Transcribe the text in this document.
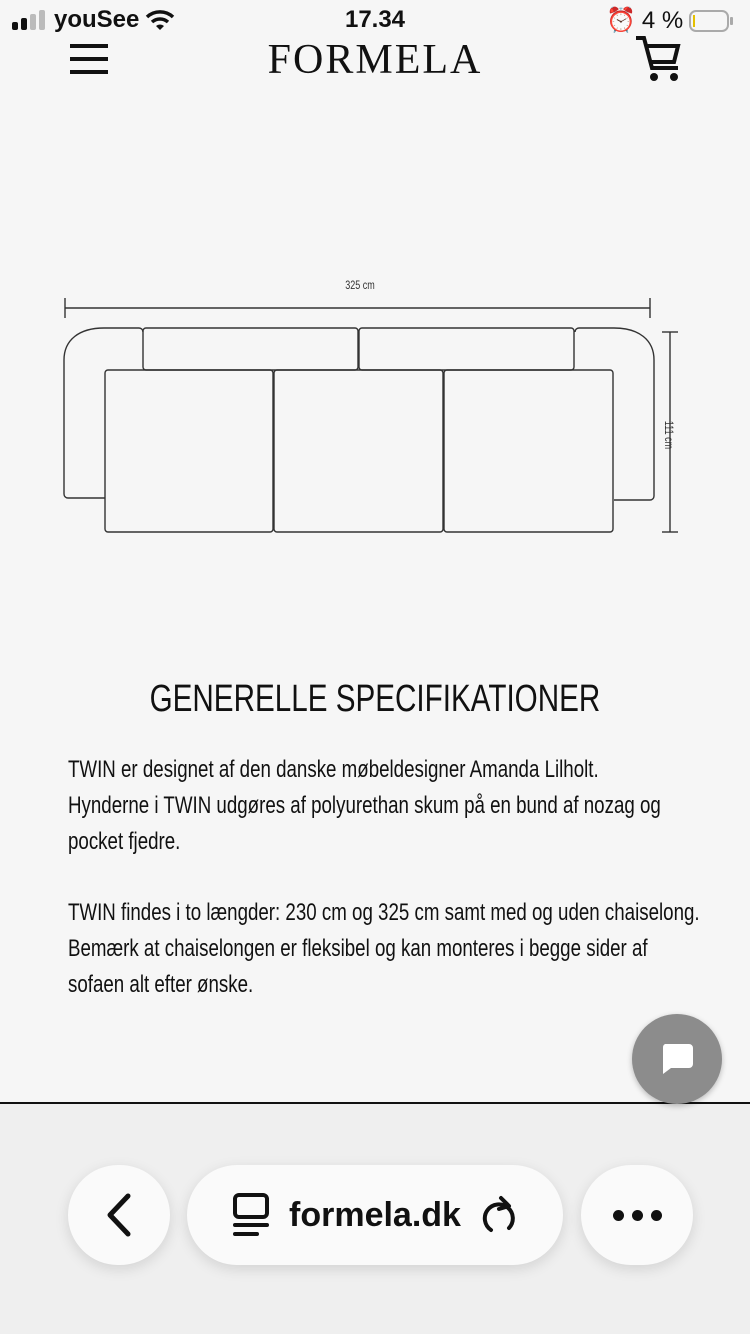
youSee	17.34	⏰ 4 %
FORMELA
325 cm
111 cm
GENERELLE SPECIFIKATIONER
TWIN er designet af den danske møbeldesigner Amanda Lilholt.
Hynderne i TWIN udgøres af polyurethan skum på en bund af nozag og
pocket fjedre.
TWIN findes i to længder: 230 cm og 325 cm samt med og uden chaiselong.
Bemærk at chaiselongen er fleksibel og kan monteres i begge sider af
sofaen alt efter ønske.
formela.dk
